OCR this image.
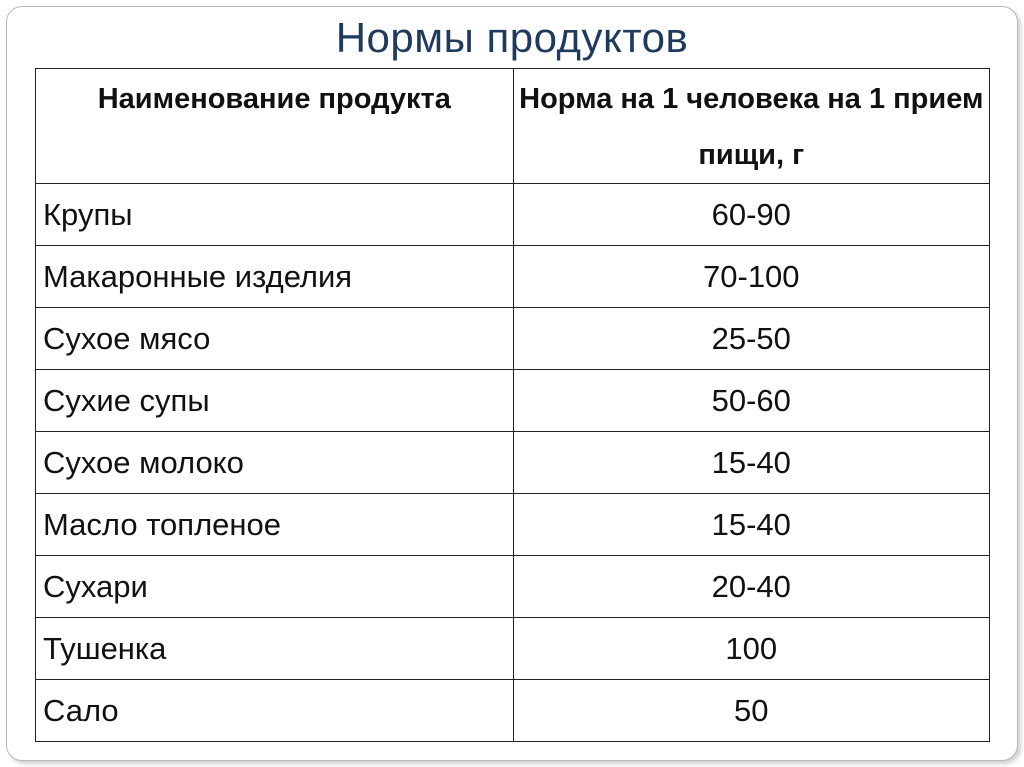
Нормы продуктов
Наименование продукта	Норма на 1 человека на 1 прием пищи, г
Крупы	60-90
Макаронные изделия	70-100
Сухое мясо	25-50
Сухие супы	50-60
Сухое молоко	15-40
Масло топленое	15-40
Сухари	20-40
Тушенка	100
Сало	50
